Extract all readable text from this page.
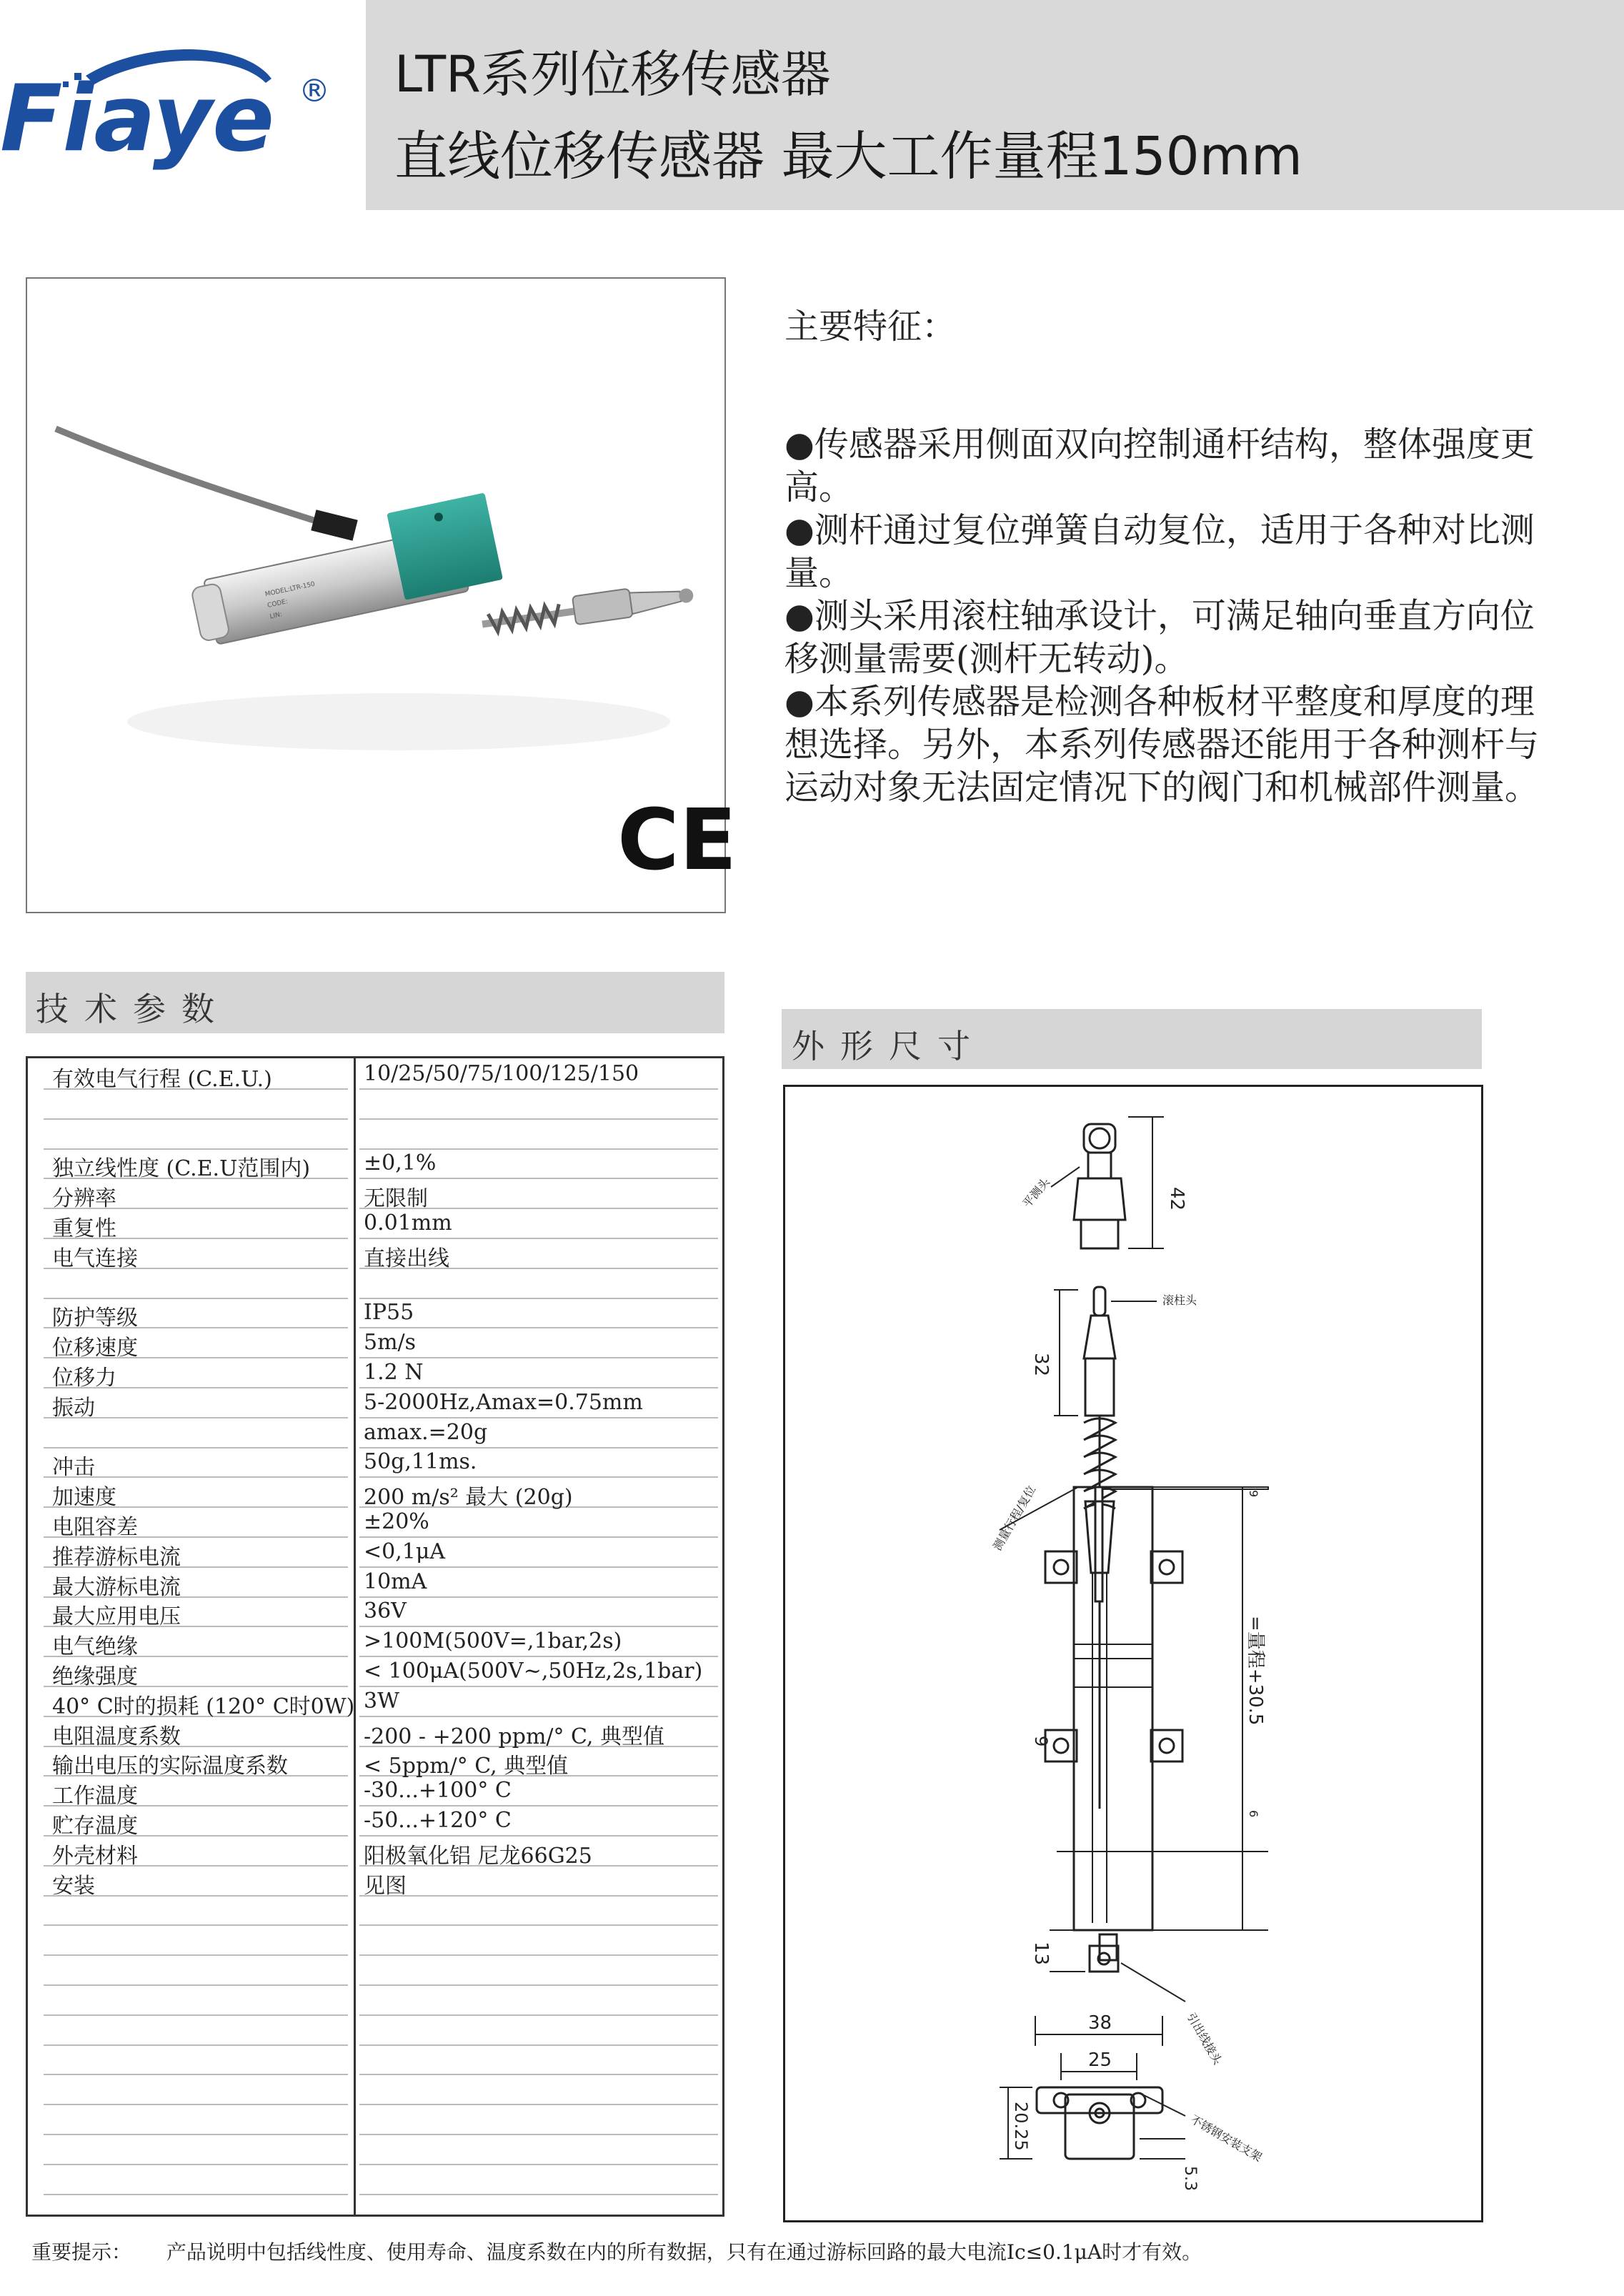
Fiaye ® LTR系列位移传感器
直线位移传感器 最大工作量程150mm
MODEL:LTR-150
CODE:
LIN:
CE
主要特征：

●传感器采用侧面双向控制通杆结构，整体强度更高。

●测杆通过复位弹簧自动复位，适用于各种对比测量。

●测头采用滚柱轴承设计，可满足轴向垂直方向位移测量需要(测杆无转动)。

●本系列传感器是检测各种板材平整度和厚度的理想选择。另外，本系列传感器还能用于各种测杆与运动对象无法固定情况下的阀门和机械部件测量。

技术参数
外形尺寸
有效电气行程 (C.E.U.)	10/25/50/75/100/125/150
独立线性度 (C.E.U范围内) ±0,1%
分辨率	无限制
重复性	0.01mm
电气连接	直接出线
防护等级	IP55
位移速度	5m/s
位移力	1.2 N
振动	5-2000Hz,Amax=0.75mm
amax.=20g
冲击	50g,11ms.
加速度	200 m/s² 最大 (20g)
电阻容差	±20%
推荐游标电流	<0,1μA
最大游标电流	10mA
最大应用电压	36V
电气绝缘	>100M(500V=,1bar,2s)
绝缘强度	< 100μA(500V~,50Hz,2s,1bar)
40° C时的损耗 (120° C时0W) 3W
电阻温度系数	-200 - +200 ppm/° C, 典型值
输出电压的实际温度系数	< 5ppm/° C, 典型值
工作温度	-30...+100° C
贮存温度	-50...+120° C
外壳材料	阳极氧化铝 尼龙66G25
安装	见图
42
平测头
32
滚柱头
测量行程/复位	9
=量程+30.5
9
6
13
引出线接头
38
25
20.25
5.3
不锈钢安装支架
重要提示： 产品说明中包括线性度、使用寿命、温度系数在内的所有数据，只有在通过游标回路的最大电流Ic≤0.1μA时才有效。
